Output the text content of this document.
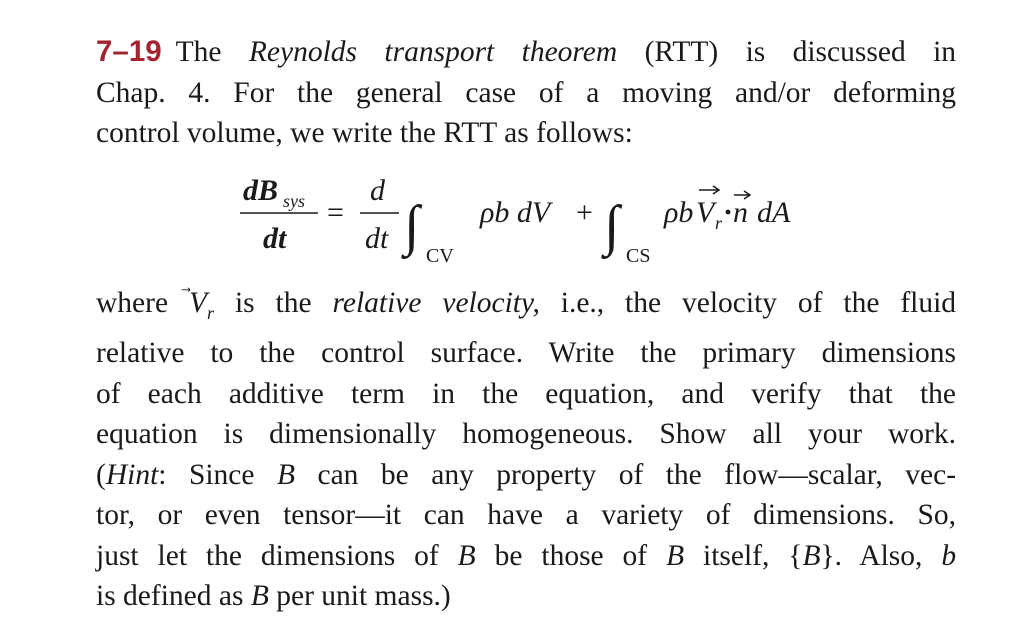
7–19 The Reynolds transport theorem (RTT) is discussed in
Chap. 4. For the general case of a moving and/or deforming
control volume, we write the RTT as follows:
dB sys
dt
=
d
dt ∫ CV
ρb dV + ∫ CS
ρb V r · n dA
where $V_r$ is the relative velocity, i.e., the velocity of the fluid
relative to the control surface. Write the primary dimensions
of each additive term in the equation, and verify that the
equation is dimensionally homogeneous. Show all your work.
(Hint: Since B can be any property of the flow—scalar, vec-
tor, or even tensor—it can have a variety of dimensions. So,
just let the dimensions of B be those of B itself, {B}. Also, b
is defined as B per unit mass.)
